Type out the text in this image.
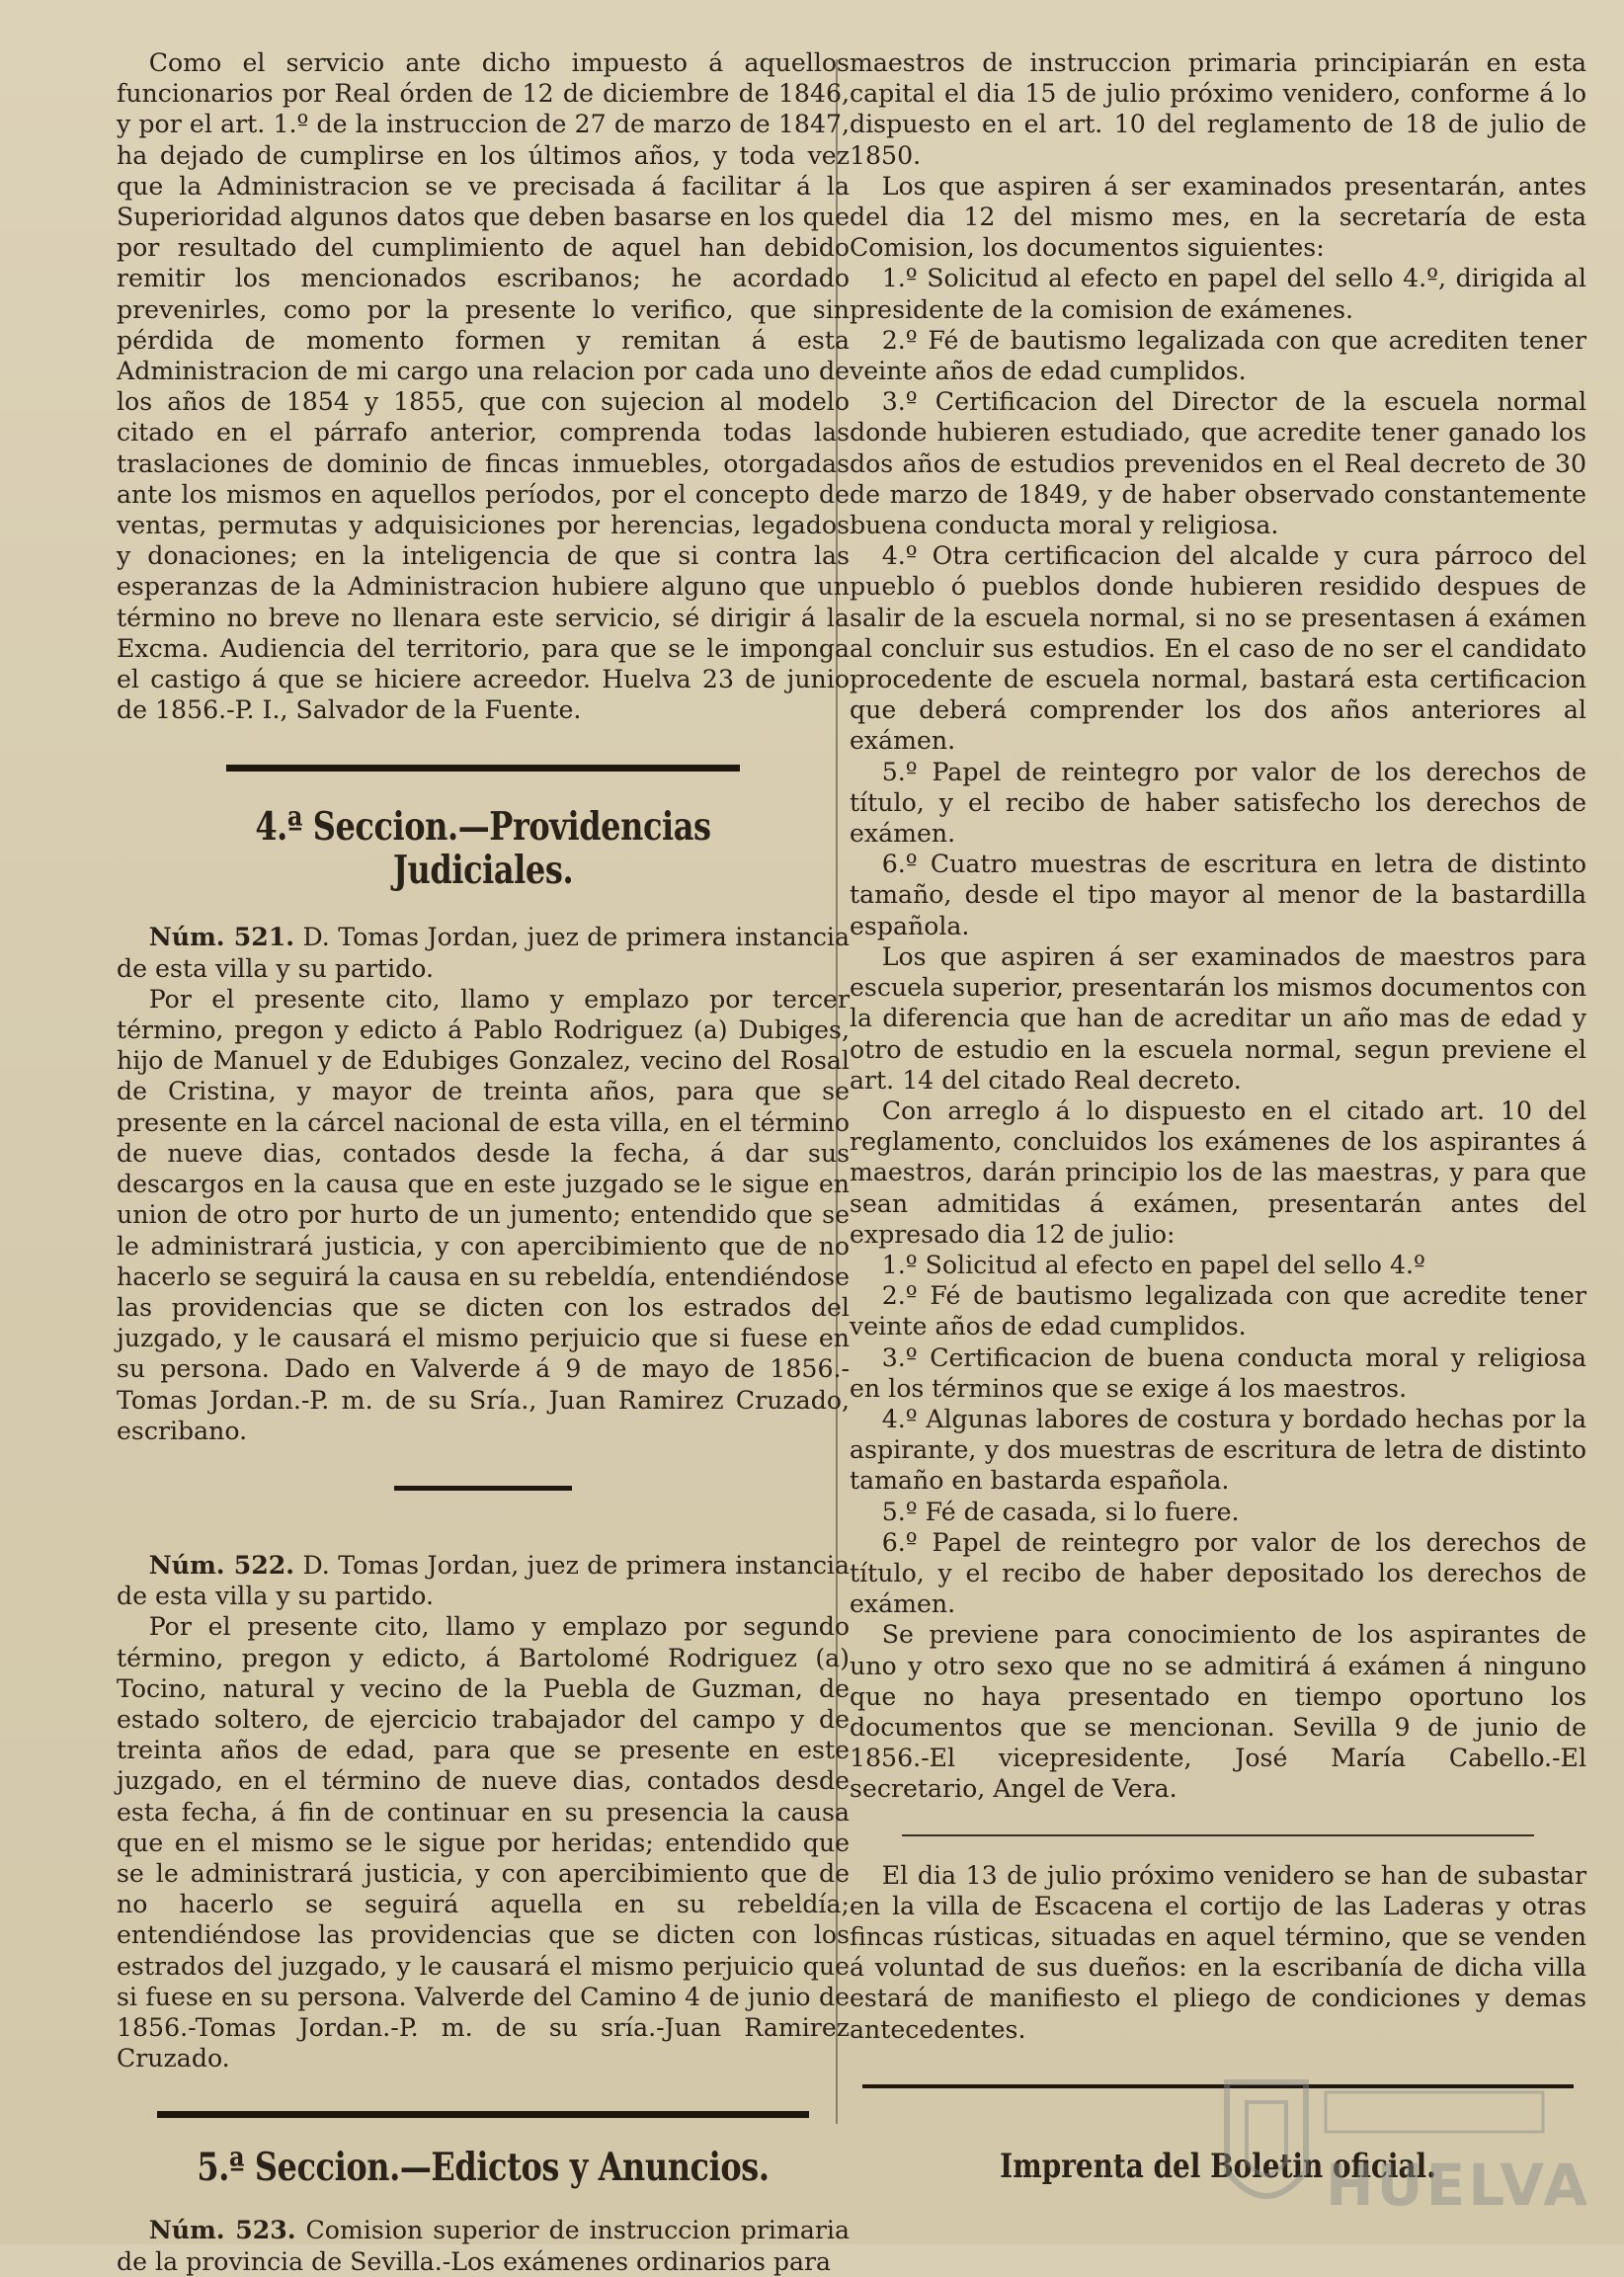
Como el servicio ante dicho impuesto á aquellos funcionarios por Real órden de 12 de diciembre de 1846, y por el art. 1.º de la instruccion de 27 de marzo de 1847, ha dejado de cumplirse en los últimos años, y toda vez que la Administracion se ve precisada á facilitar á la Superioridad algunos datos que deben basarse en los que por resultado del cumplimiento de aquel han debido remitir los mencionados escribanos; he acordado prevenirles, como por la presente lo verifico, que sin pérdida de momento formen y remitan á esta Administracion de mi cargo una relacion por cada uno de los años de 1854 y 1855, que con sujecion al modelo citado en el párrafo anterior, comprenda todas las traslaciones de dominio de fincas inmuebles, otorgadas ante los mismos en aquellos períodos, por el concepto de ventas, permutas y adquisiciones por herencias, legados y donaciones; en la inteligencia de que si contra las esperanzas de la Administracion hubiere alguno que un término no breve no llenara este servicio, sé dirigir á la Excma. Audiencia del territorio, para que se le imponga el castigo á que se hiciere acreedor. Huelva 23 de junio de 1856.-P. I., Salvador de la Fuente.

4.ª Seccion.—Providencias Judiciales.

Núm. 521. D. Tomas Jordan, juez de primera instancia de esta villa y su partido.

Por el presente cito, llamo y emplazo por tercer término, pregon y edicto á Pablo Rodriguez (a) Dubiges, hijo de Manuel y de Edubiges Gonzalez, vecino del Rosal de Cristina, y mayor de treinta años, para que se presente en la cárcel nacional de esta villa, en el término de nueve dias, contados desde la fecha, á dar sus descargos en la causa que en este juzgado se le sigue en union de otro por hurto de un jumento; entendido que se le administrará justicia, y con apercibimiento que de no hacerlo se seguirá la causa en su rebeldía, entendiéndose las providencias que se dicten con los estrados del juzgado, y le causará el mismo perjuicio que si fuese en su persona. Dado en Valverde á 9 de mayo de 1856.-Tomas Jordan.-P. m. de su Sría., Juan Ramirez Cruzado, escribano.

Núm. 522. D. Tomas Jordan, juez de primera instancia de esta villa y su partido.

Por el presente cito, llamo y emplazo por segundo término, pregon y edicto, á Bartolomé Rodriguez (a) Tocino, natural y vecino de la Puebla de Guzman, de estado soltero, de ejercicio trabajador del campo y de treinta años de edad, para que se presente en este juzgado, en el término de nueve dias, contados desde esta fecha, á fin de continuar en su presencia la causa que en el mismo se le sigue por heridas; entendido que se le administrará justicia, y con apercibimiento que de no hacerlo se seguirá aquella en su rebeldía; entendiéndose las providencias que se dicten con los estrados del juzgado, y le causará el mismo perjuicio que si fuese en su persona. Valverde del Camino 4 de junio de 1856.-Tomas Jordan.-P. m. de su sría.-Juan Ramirez Cruzado.

5.ª Seccion.—Edictos y Anuncios.

Núm. 523. Comision superior de instruccion primaria de la provincia de Sevilla.-Los exámenes ordinarios para

maestros de instruccion primaria principiarán en esta capital el dia 15 de julio próximo venidero, conforme á lo dispuesto en el art. 10 del reglamento de 18 de julio de 1850.

Los que aspiren á ser examinados presentarán, antes del dia 12 del mismo mes, en la secretaría de esta Comision, los documentos siguientes:

1.º Solicitud al efecto en papel del sello 4.º, dirigida al presidente de la comision de exámenes.

2.º Fé de bautismo legalizada con que acrediten tener veinte años de edad cumplidos.

3.º Certificacion del Director de la escuela normal donde hubieren estudiado, que acredite tener ganado los dos años de estudios prevenidos en el Real decreto de 30 de marzo de 1849, y de haber observado constantemente buena conducta moral y religiosa.

4.º Otra certificacion del alcalde y cura párroco del pueblo ó pueblos donde hubieren residido despues de salir de la escuela normal, si no se presentasen á exámen al concluir sus estudios. En el caso de no ser el candidato procedente de escuela normal, bastará esta certificacion que deberá comprender los dos años anteriores al exámen.

5.º Papel de reintegro por valor de los derechos de título, y el recibo de haber satisfecho los derechos de exámen.

6.º Cuatro muestras de escritura en letra de distinto tamaño, desde el tipo mayor al menor de la bastardilla española.

Los que aspiren á ser examinados de maestros para escuela superior, presentarán los mismos documentos con la diferencia que han de acreditar un año mas de edad y otro de estudio en la escuela normal, segun previene el art. 14 del citado Real decreto.

Con arreglo á lo dispuesto en el citado art. 10 del reglamento, concluidos los exámenes de los aspirantes á maestros, darán principio los de las maestras, y para que sean admitidas á exámen, presentarán antes del expresado dia 12 de julio:

1.º Solicitud al efecto en papel del sello 4.º

2.º Fé de bautismo legalizada con que acredite tener veinte años de edad cumplidos.

3.º Certificacion de buena conducta moral y religiosa en los términos que se exige á los maestros.

4.º Algunas labores de costura y bordado hechas por la aspirante, y dos muestras de escritura de letra de distinto tamaño en bastarda española.

5.º Fé de casada, si lo fuere.

6.º Papel de reintegro por valor de los derechos de título, y el recibo de haber depositado los derechos de exámen.

Se previene para conocimiento de los aspirantes de uno y otro sexo que no se admitirá á exámen á ninguno que no haya presentado en tiempo oportuno los documentos que se mencionan. Sevilla 9 de junio de 1856.-El vicepresidente, José María Cabello.-El secretario, Angel de Vera.

El dia 13 de julio próximo venidero se han de subastar en la villa de Escacena el cortijo de las Laderas y otras fincas rústicas, situadas en aquel término, que se venden á voluntad de sus dueños: en la escribanía de dicha villa estará de manifiesto el pliego de condiciones y demas antecedentes.

Imprenta del Boletin oficial.
HUELVA
